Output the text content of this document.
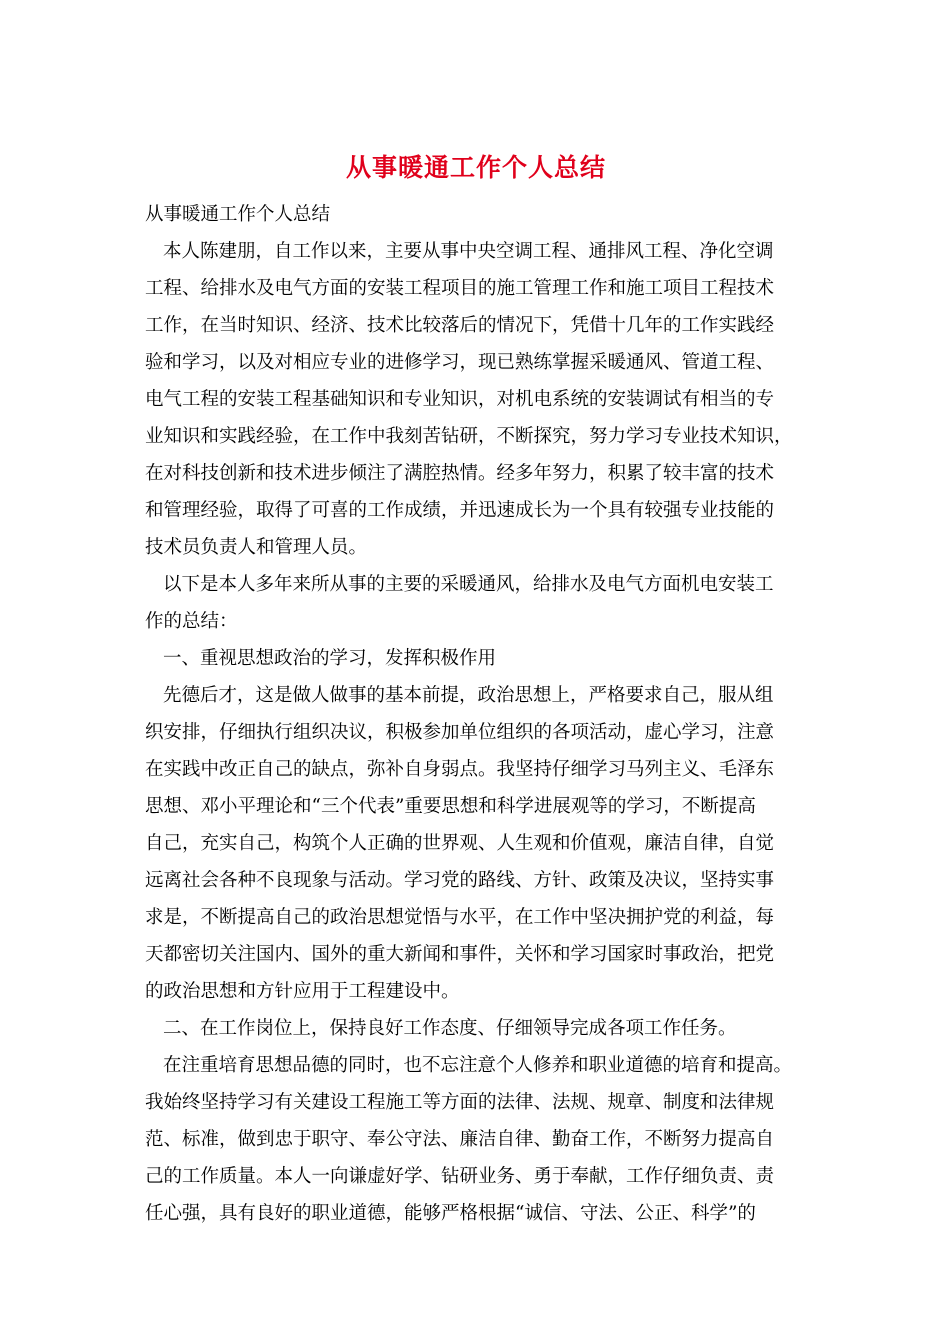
从事暖通工作个人总结

从事暖通工作个人总结

本人陈建朋，自工作以来，主要从事中央空调工程、通排风工程、净化空调

工程、给排水及电气方面的安装工程项目的施工管理工作和施工项目工程技术

工作，在当时知识、经济、技术比较落后的情况下，凭借十几年的工作实践经

验和学习，以及对相应专业的进修学习，现已熟练掌握采暖通风、管道工程、

电气工程的安装工程基础知识和专业知识，对机电系统的安装调试有相当的专

业知识和实践经验，在工作中我刻苦钻研，不断探究，努力学习专业技术知识，

在对科技创新和技术进步倾注了满腔热情。经多年努力，积累了较丰富的技术

和管理经验，取得了可喜的工作成绩，并迅速成长为一个具有较强专业技能的

技术员负责人和管理人员。

以下是本人多年来所从事的主要的采暖通风，给排水及电气方面机电安装工

作的总结：

一、重视思想政治的学习，发挥积极作用

先德后才，这是做人做事的基本前提，政治思想上，严格要求自己，服从组

织安排，仔细执行组织决议，积极参加单位组织的各项活动，虚心学习，注意

在实践中改正自己的缺点，弥补自身弱点。我坚持仔细学习马列主义、毛泽东

思想、邓小平理论和“三个代表”重要思想和科学进展观等的学习，不断提高

自己，充实自己，构筑个人正确的世界观、人生观和价值观，廉洁自律，自觉

远离社会各种不良现象与活动。学习党的路线、方针、政策及决议，坚持实事

求是，不断提高自己的政治思想觉悟与水平，在工作中坚决拥护党的利益，每

天都密切关注国内、国外的重大新闻和事件，关怀和学习国家时事政治，把党

的政治思想和方针应用于工程建设中。

二、在工作岗位上，保持良好工作态度、仔细领导完成各项工作任务。

在注重培育思想品德的同时，也不忘注意个人修养和职业道德的培育和提高。

我始终坚持学习有关建设工程施工等方面的法律、法规、规章、制度和法律规

范、标准，做到忠于职守、奉公守法、廉洁自律、勤奋工作，不断努力提高自

己的工作质量。本人一向谦虚好学、钻研业务、勇于奉献，工作仔细负责、责

任心强，具有良好的职业道德，能够严格根据“诚信、守法、公正、科学”的
